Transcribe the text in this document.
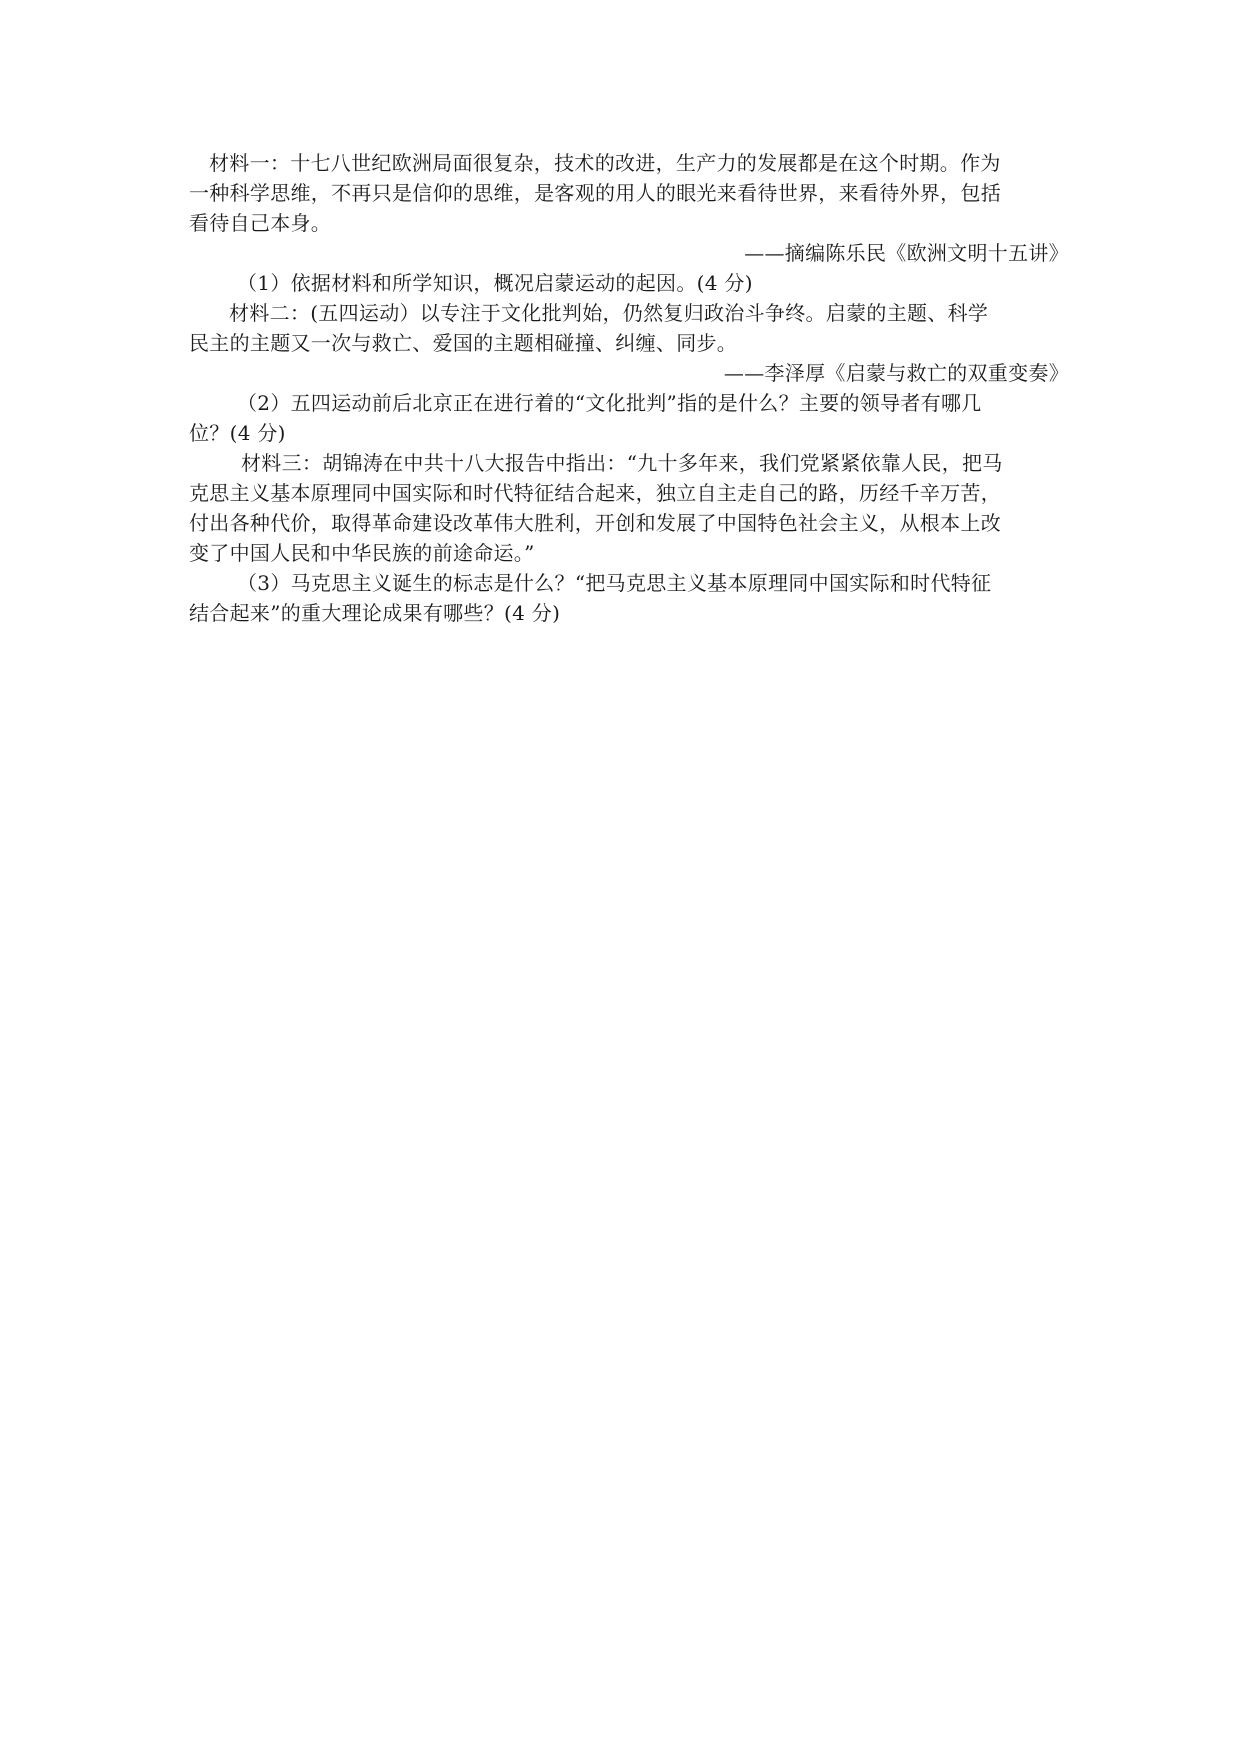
材料一：十七八世纪欧洲局面很复杂，技术的改进，生产力的发展都是在这个时期。作为
一种科学思维，不再只是信仰的思维，是客观的用人的眼光来看待世界，来看待外界，包括
看待自己本身。
——摘编陈乐民《欧洲文明十五讲》
（1）依据材料和所学知识，概况启蒙运动的起因。(4 分)
材料二：(五四运动）以专注于文化批判始，仍然复归政治斗争终。启蒙的主题、科学
民主的主题又一次与救亡、爱国的主题相碰撞、纠缠、同步。
——李泽厚《启蒙与救亡的双重变奏》
（2）五四运动前后北京正在进行着的“文化批判”指的是什么？主要的领导者有哪几
位？(4 分)
材料三：胡锦涛在中共十八大报告中指出：“九十多年来，我们党紧紧依靠人民，把马
克思主义基本原理同中国实际和时代特征结合起来，独立自主走自己的路，历经千辛万苦，
付出各种代价，取得革命建设改革伟大胜利，开创和发展了中国特色社会主义，从根本上改
变了中国人民和中华民族的前途命运。”
（3）马克思主义诞生的标志是什么？“把马克思主义基本原理同中国实际和时代特征
结合起来”的重大理论成果有哪些？(4 分)
